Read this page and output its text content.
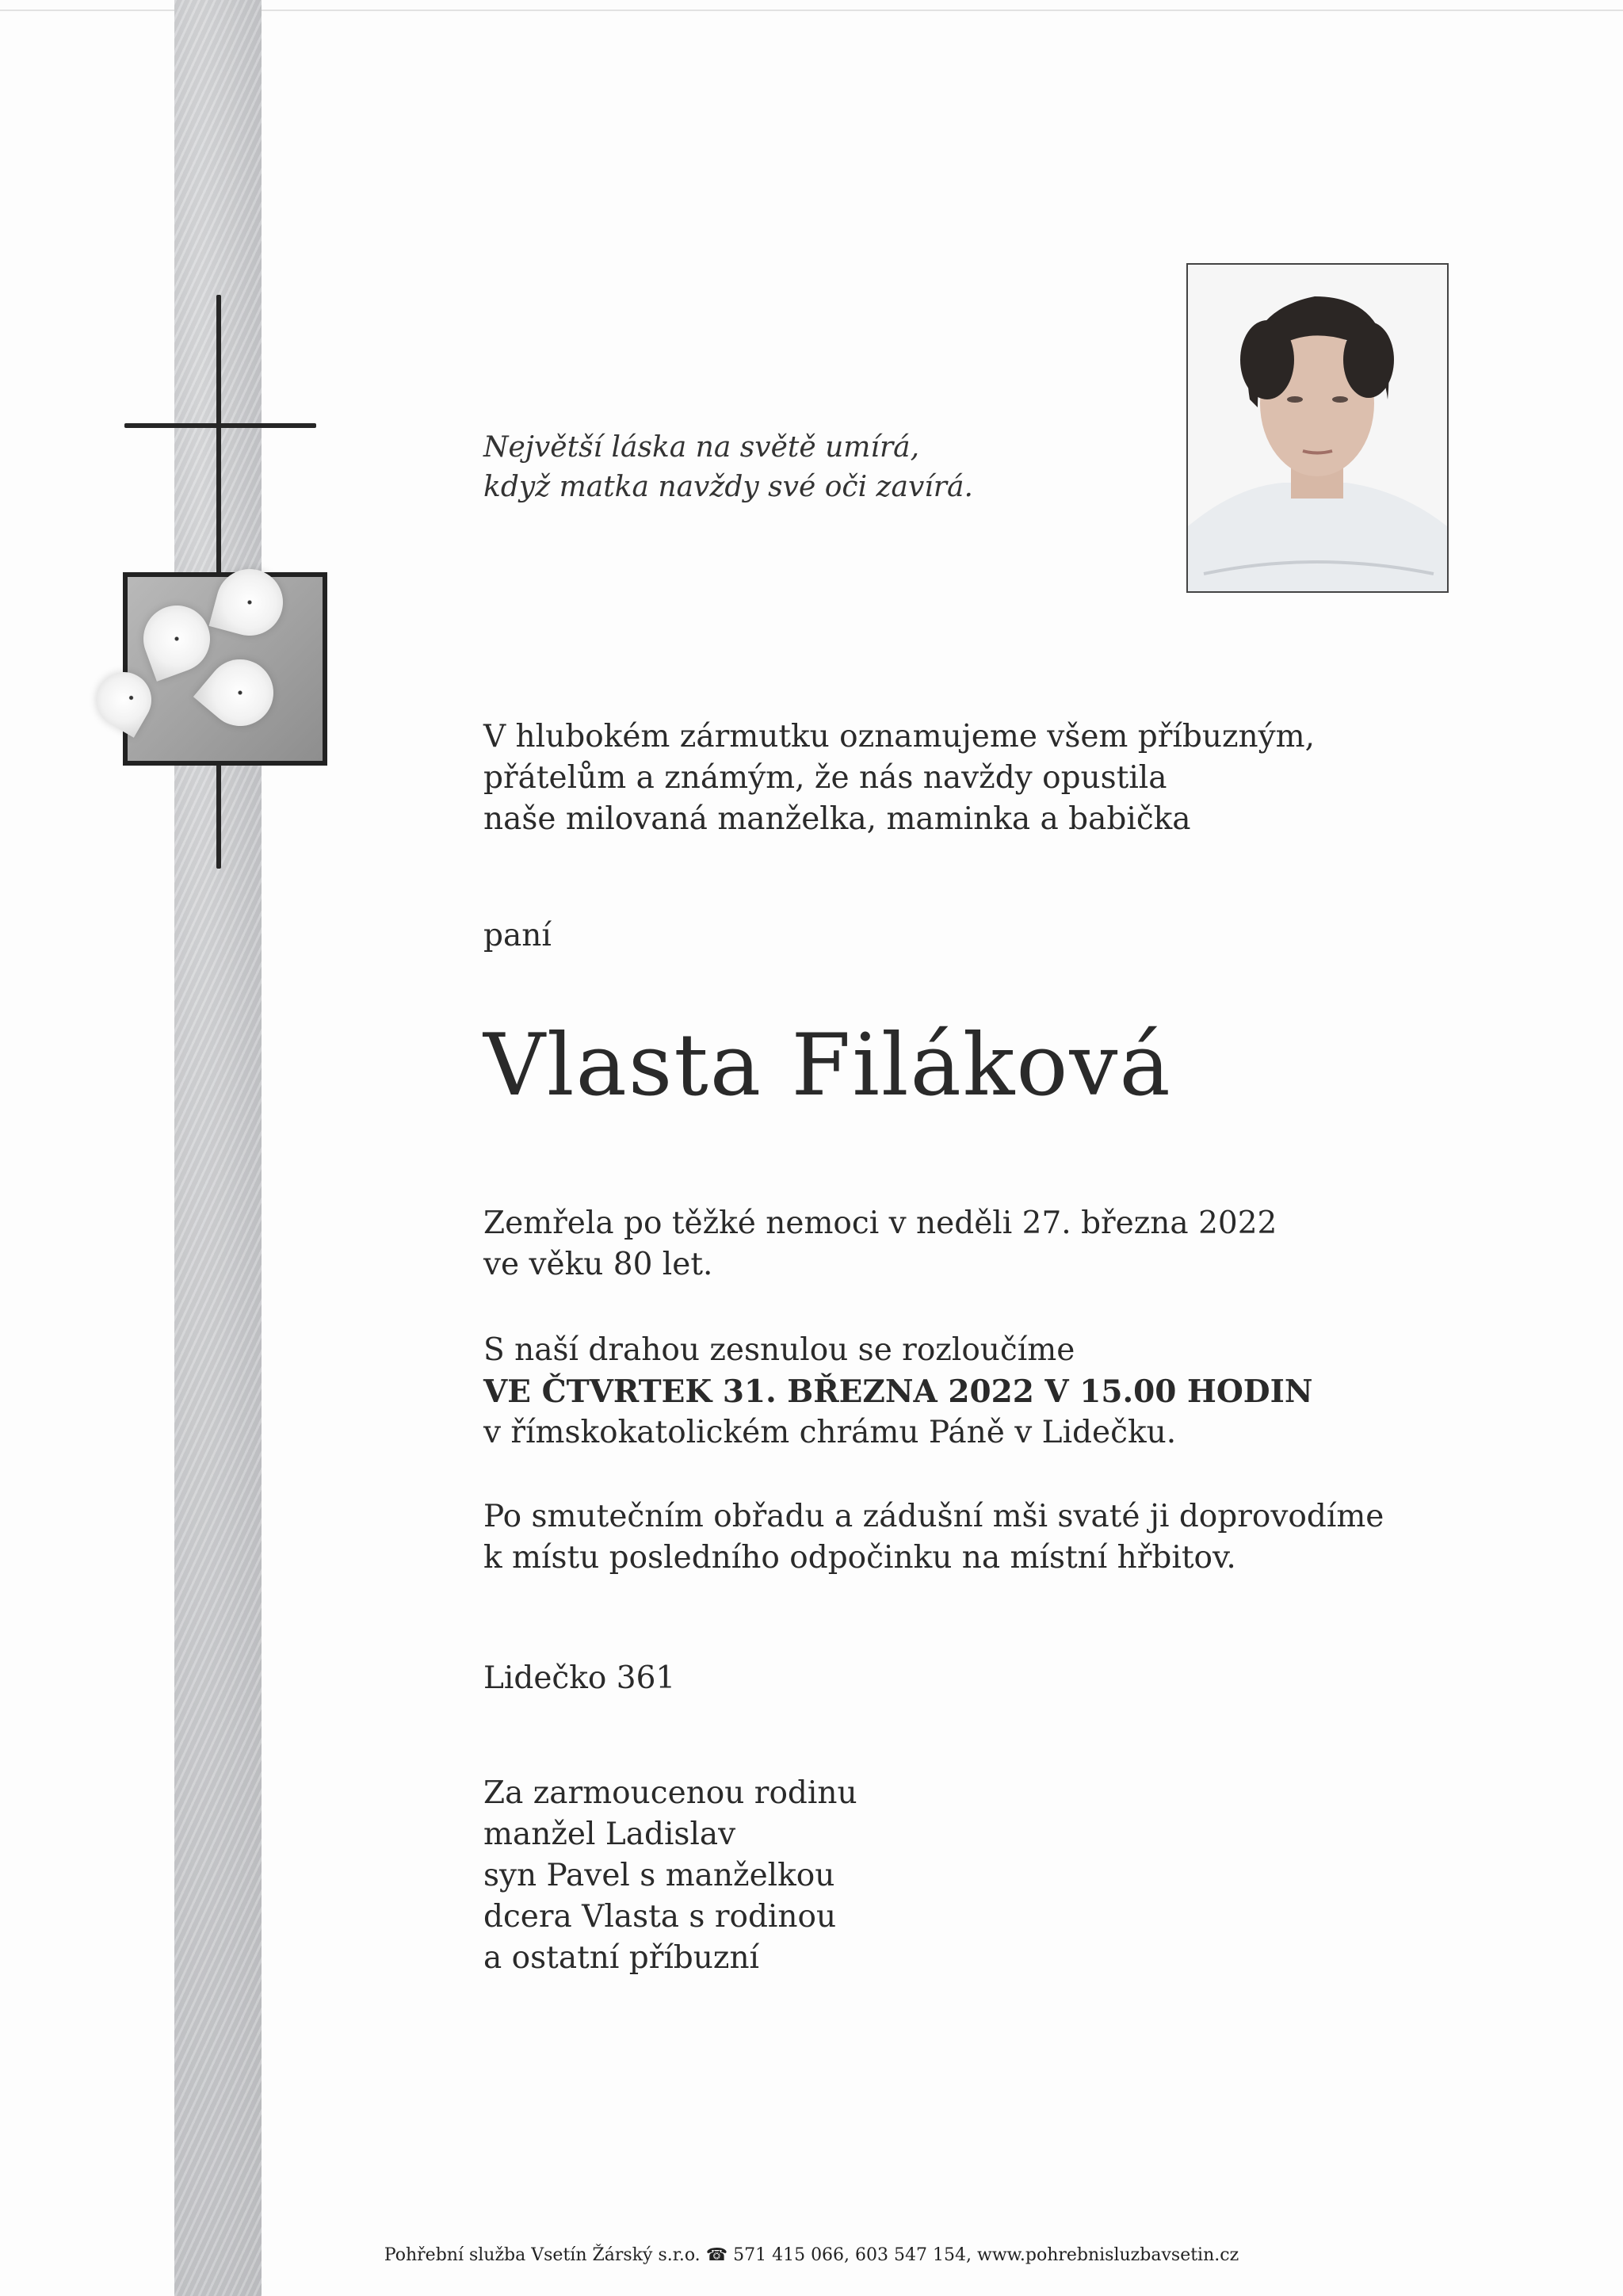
Největší láska na světě umírá,
když matka navždy své oči zavírá.
V hlubokém zármutku oznamujeme všem příbuzným,
přátelům a známým, že nás navždy opustila
naše milovaná manželka, maminka a babička
paní
Vlasta Filáková
Zemřela po těžké nemoci v neděli 27. března 2022
ve věku 80 let.
S naší drahou zesnulou se rozloučíme
VE ČTVRTEK 31. BŘEZNA 2022 V 15.00 HODIN
v římskokatolickém chrámu Páně v Lidečku.
Po smutečním obřadu a zádušní mši svaté ji doprovodíme
k místu posledního odpočinku na místní hřbitov.
Lidečko 361
Za zarmoucenou rodinu
manžel Ladislav
syn Pavel s manželkou
dcera Vlasta s rodinou
a ostatní příbuzní
Pohřební služba Vsetín Žárský s.r.o. ☎ 571 415 066, 603 547 154, www.pohrebnisluzbavsetin.cz
